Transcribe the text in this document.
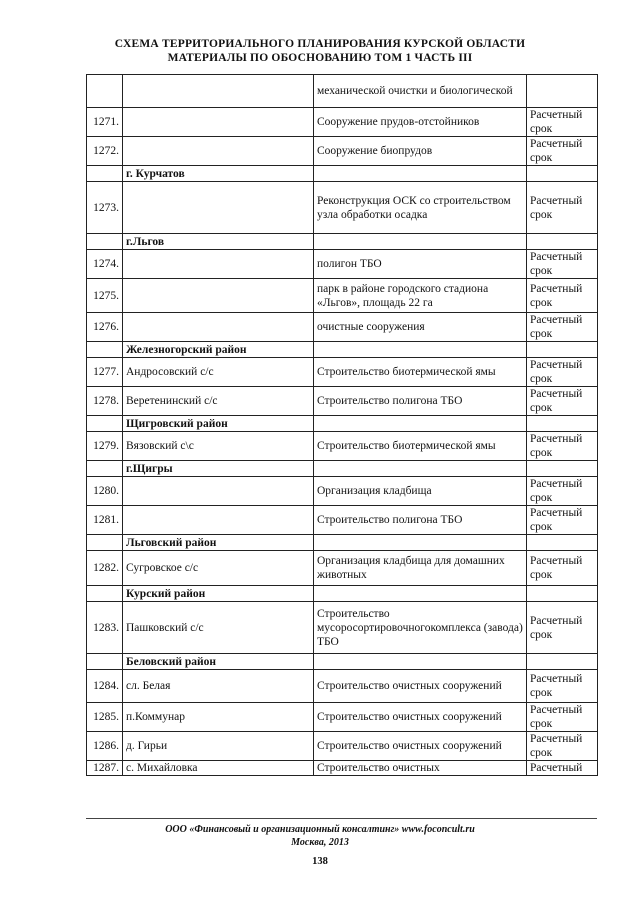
СХЕМА ТЕРРИТОРИАЛЬНОГО ПЛАНИРОВАНИЯ КУРСКОЙ ОБЛАСТИ
МАТЕРИАЛЫ ПО ОБОСНОВАНИЮ ТОМ 1 ЧАСТЬ III
		механической очистки и биологической	
1271.		Сооружение прудов-отстойников	Расчетный срок
1272.		Сооружение биопрудов	Расчетный срок
	г. Курчатов		
1273.		Реконструкция ОСК со строительством узла обработки осадка	Расчетный срок
	г.Льгов		
1274.		полигон ТБО	Расчетный срок
1275.		парк в районе городского стадиона «Льгов», площадь 22 га	Расчетный срок
1276.		очистные сооружения	Расчетный срок
	Железногорский район		
1277.	Андросовский с/с	Строительство биотермической ямы	Расчетный срок
1278.	Веретенинский с/с	Строительство полигона ТБО	Расчетный срок
	Щигровский район		
1279.	Вязовский с\с	Строительство биотермической ямы	Расчетный срок
	г.Щигры		
1280.		Организация кладбища	Расчетный срок
1281.		Строительство полигона ТБО	Расчетный срок
	Льговский район		
1282.	Сугровское с/с	Организация кладбища для домашних животных	Расчетный срок
	Курский район		
1283.	Пашковский с/с	Строительство мусоросортировочногокомплекса (завода) ТБО	Расчетный срок
	Беловский район		
1284.	сл. Белая	Строительство очистных сооружений	Расчетный срок
1285.	п.Коммунар	Строительство очистных сооружений	Расчетный срок
1286.	д. Гирьи	Строительство очистных сооружений	Расчетный срок
1287.	с. Михайловка	Строительство очистных	Расчетный
ООО «Финансовый и организационный консалтинг» www.foconcult.ru
Москва, 2013
138
